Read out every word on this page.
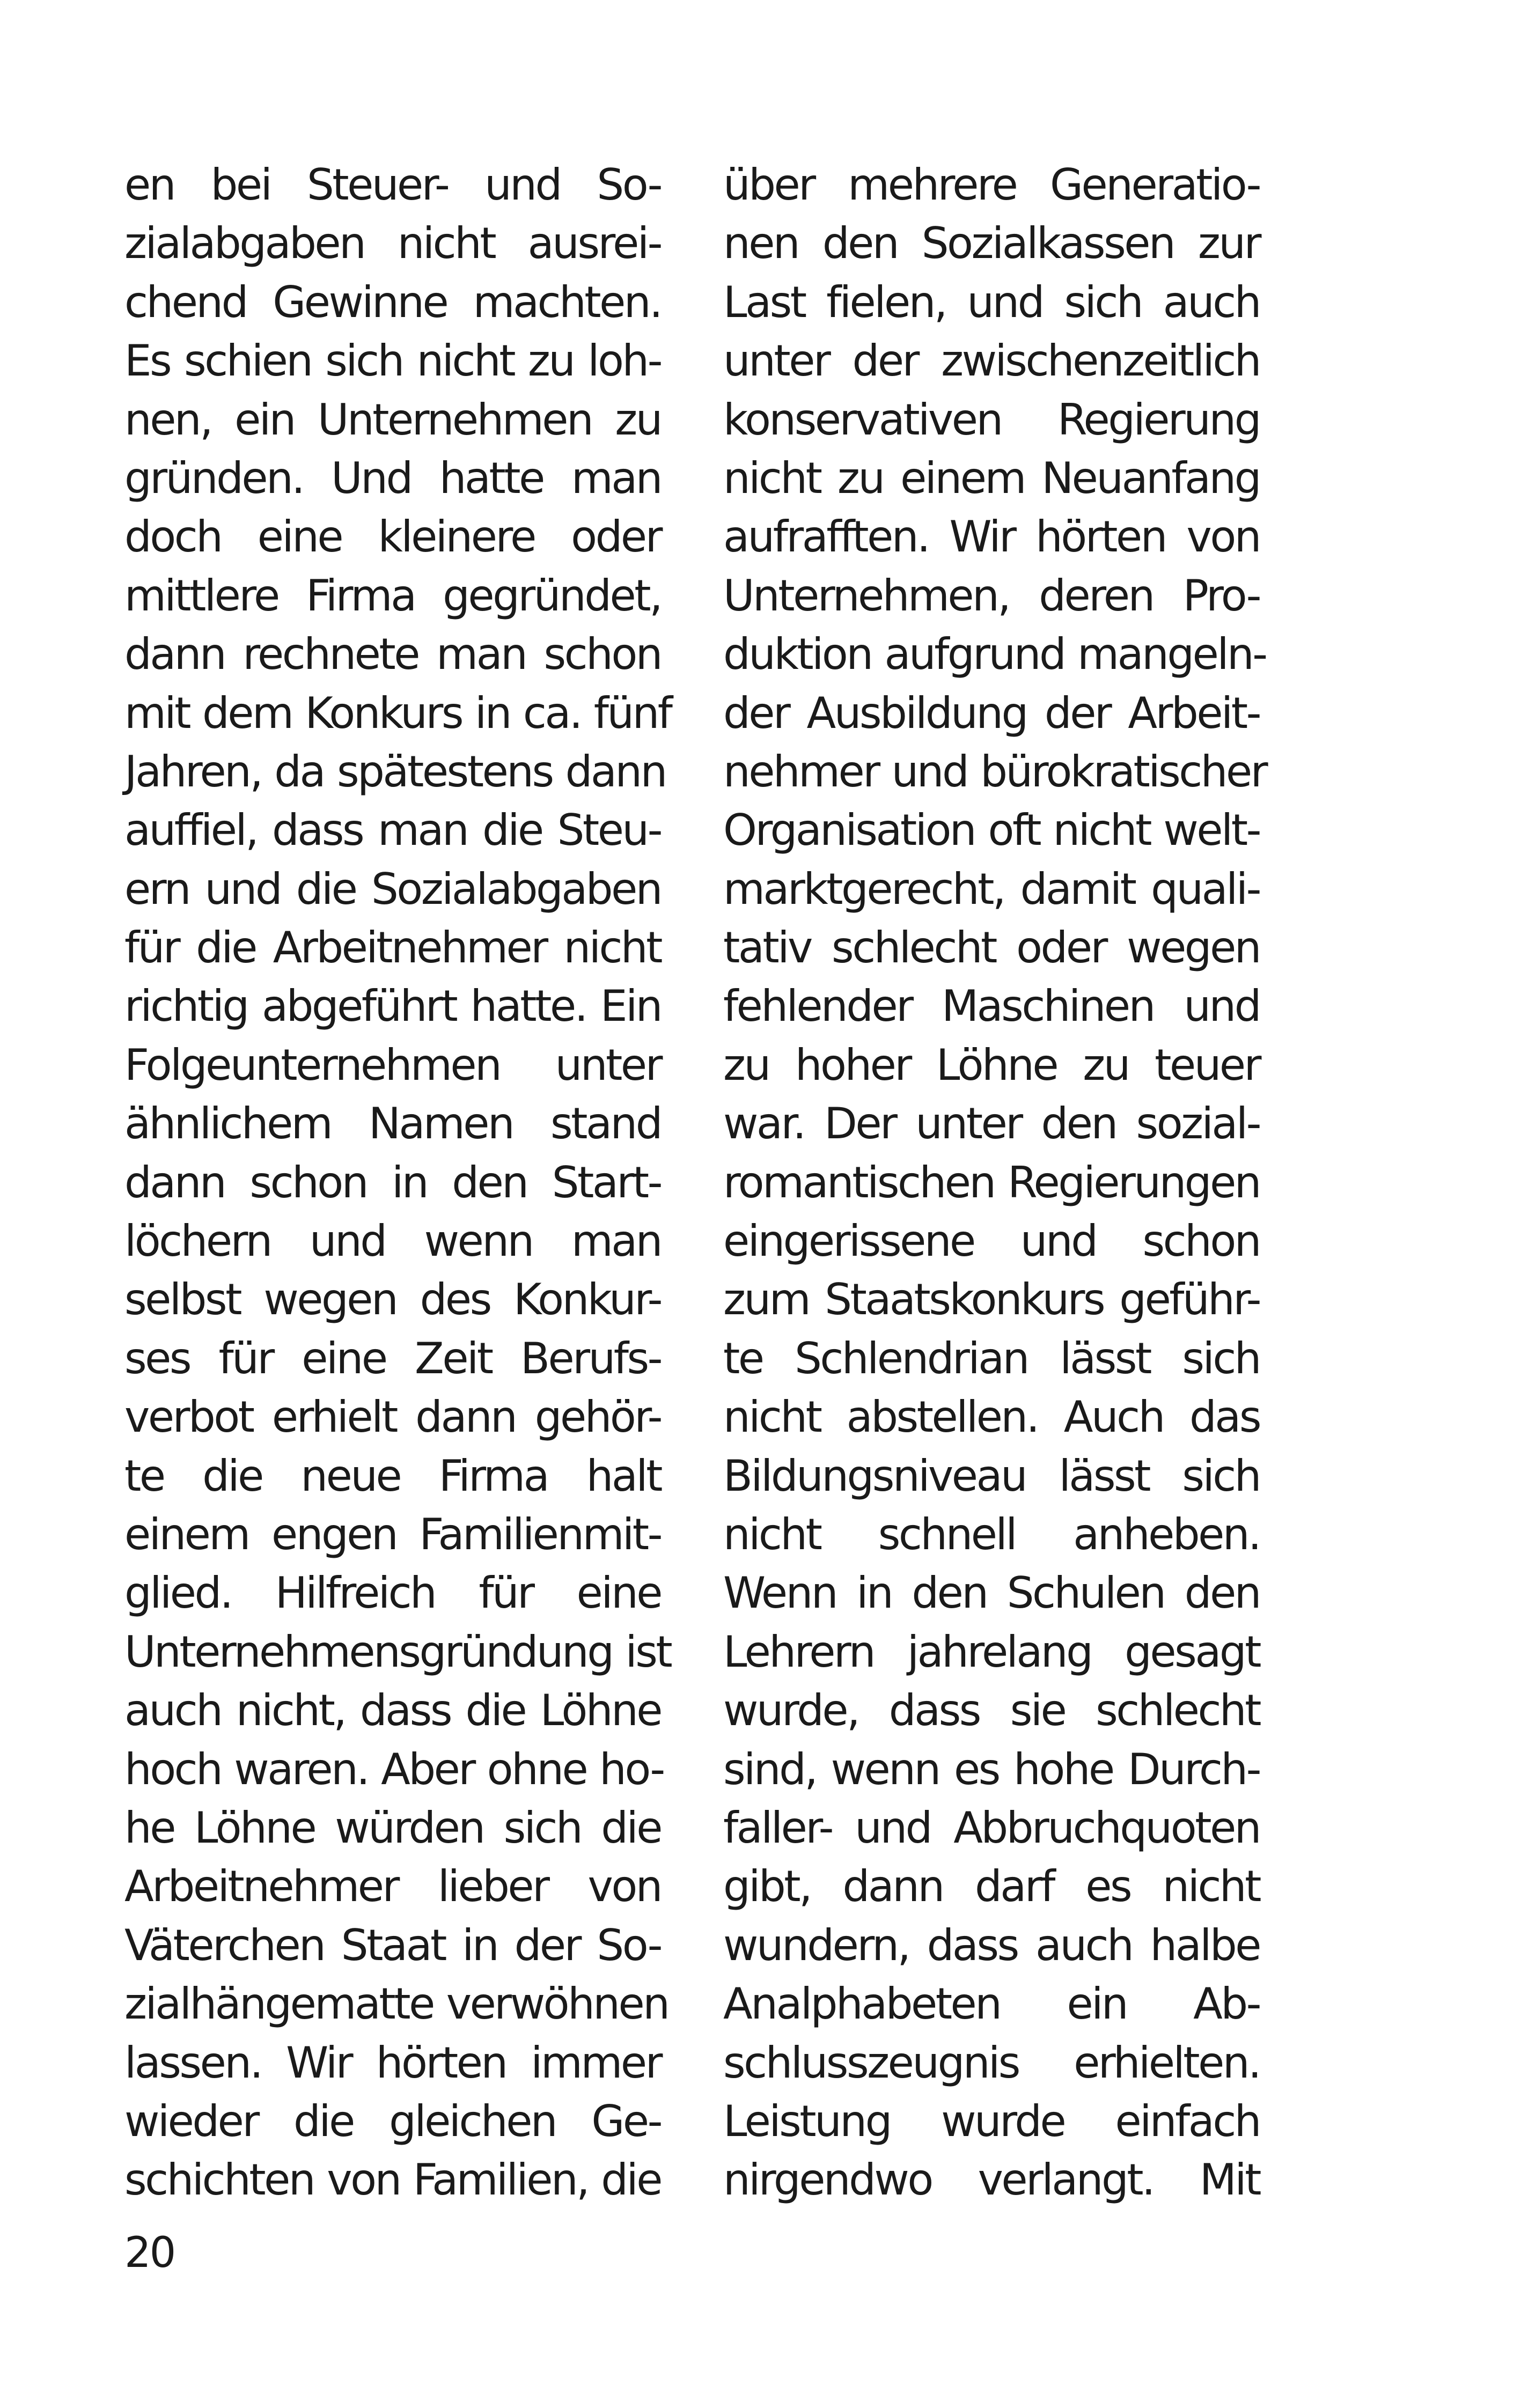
en bei Steuer- und So-
zialabgaben nicht ausrei-
chend Gewinne machten.
Es schien sich nicht zu loh-
nen, ein Unternehmen zu
gründen. Und hatte man
doch eine kleinere oder
mittlere Firma gegründet,
dann rechnete man schon
mit dem Konkurs in ca. fünf
Jahren, da spätestens dann
auffiel, dass man die Steu-
ern und die Sozialabgaben
für die Arbeitnehmer nicht
richtig abgeführt hatte. Ein
Folgeunternehmen unter
ähnlichem Namen stand
dann schon in den Start-
löchern und wenn man
selbst wegen des Konkur-
ses für eine Zeit Berufs-
verbot erhielt dann gehör-
te die neue Firma halt
einem engen Familienmit-
glied. Hilfreich für eine
Unternehmensgründung ist
auch nicht, dass die Löhne
hoch waren. Aber ohne ho-
he Löhne würden sich die
Arbeitnehmer lieber von
Väterchen Staat in der So-
zialhängematte verwöhnen
lassen. Wir hörten immer
wieder die gleichen Ge-
schichten von Familien, die
über mehrere Generatio-
nen den Sozialkassen zur
Last fielen, und sich auch
unter der zwischenzeitlich
konservativen Regierung
nicht zu einem Neuanfang
aufrafften. Wir hörten von
Unternehmen, deren Pro-
duktion aufgrund mangeln-
der Ausbildung der Arbeit-
nehmer und bürokratischer
Organisation oft nicht welt-
marktgerecht, damit quali-
tativ schlecht oder wegen
fehlender Maschinen und
zu hoher Löhne zu teuer
war. Der unter den sozial-
romantischen Regierungen
eingerissene und schon
zum Staatskonkurs geführ-
te Schlendrian lässt sich
nicht abstellen. Auch das
Bildungsniveau lässt sich
nicht schnell anheben.
Wenn in den Schulen den
Lehrern jahrelang gesagt
wurde, dass sie schlecht
sind, wenn es hohe Durch-
faller- und Abbruchquoten
gibt, dann darf es nicht
wundern, dass auch halbe
Analphabeten ein Ab-
schlusszeugnis erhielten.
Leistung wurde einfach
nirgendwo verlangt. Mit
20
